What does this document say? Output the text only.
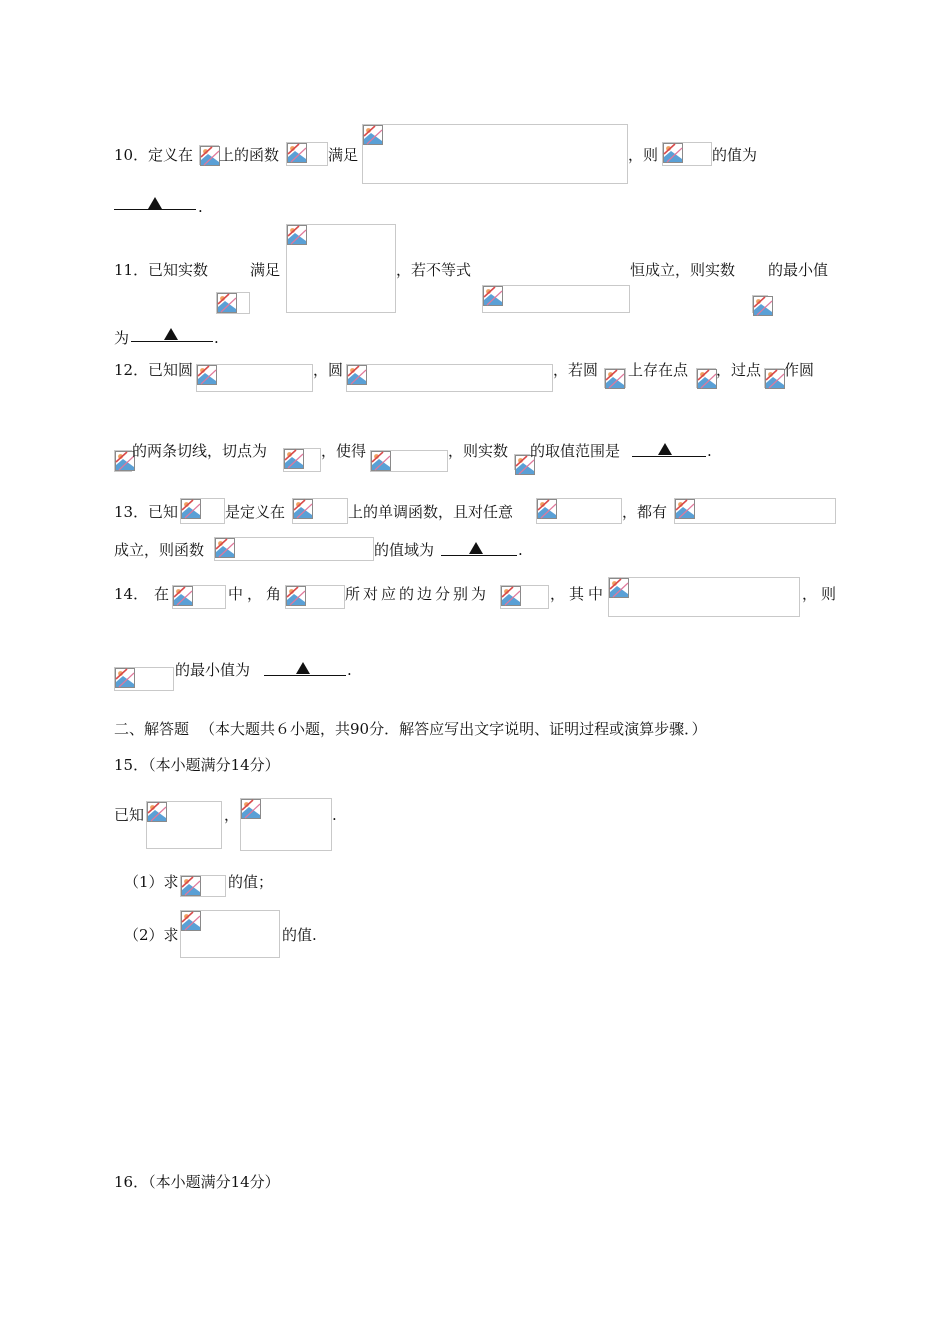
10． 定义在 上的函数	满足	，则	的值为
.
11． 已知实数	满足	，若不等式	恒成立，则实数 的最小值
为	.
12． 已知圆	，圆	，若圆 上存在点 ，过点 作圆
的两条切线，切点为	，使得	，则实数 的取值范围是	.
13． 已知	是定义在	上的单调函数，且对任意	，都有
成立，则函数	的值域为	.
14． 在	中，角	所对应的边分别为	，其中	，则
的最小值为	.
二、解答题 （本大题共６小题，共90分．解答应写出文字说明、证明过程或演算步骤．）
15．（本小题满分14分）
已知	，	.
（1）求	的值；
（2）求	的值.
16．（本小题满分14分）
